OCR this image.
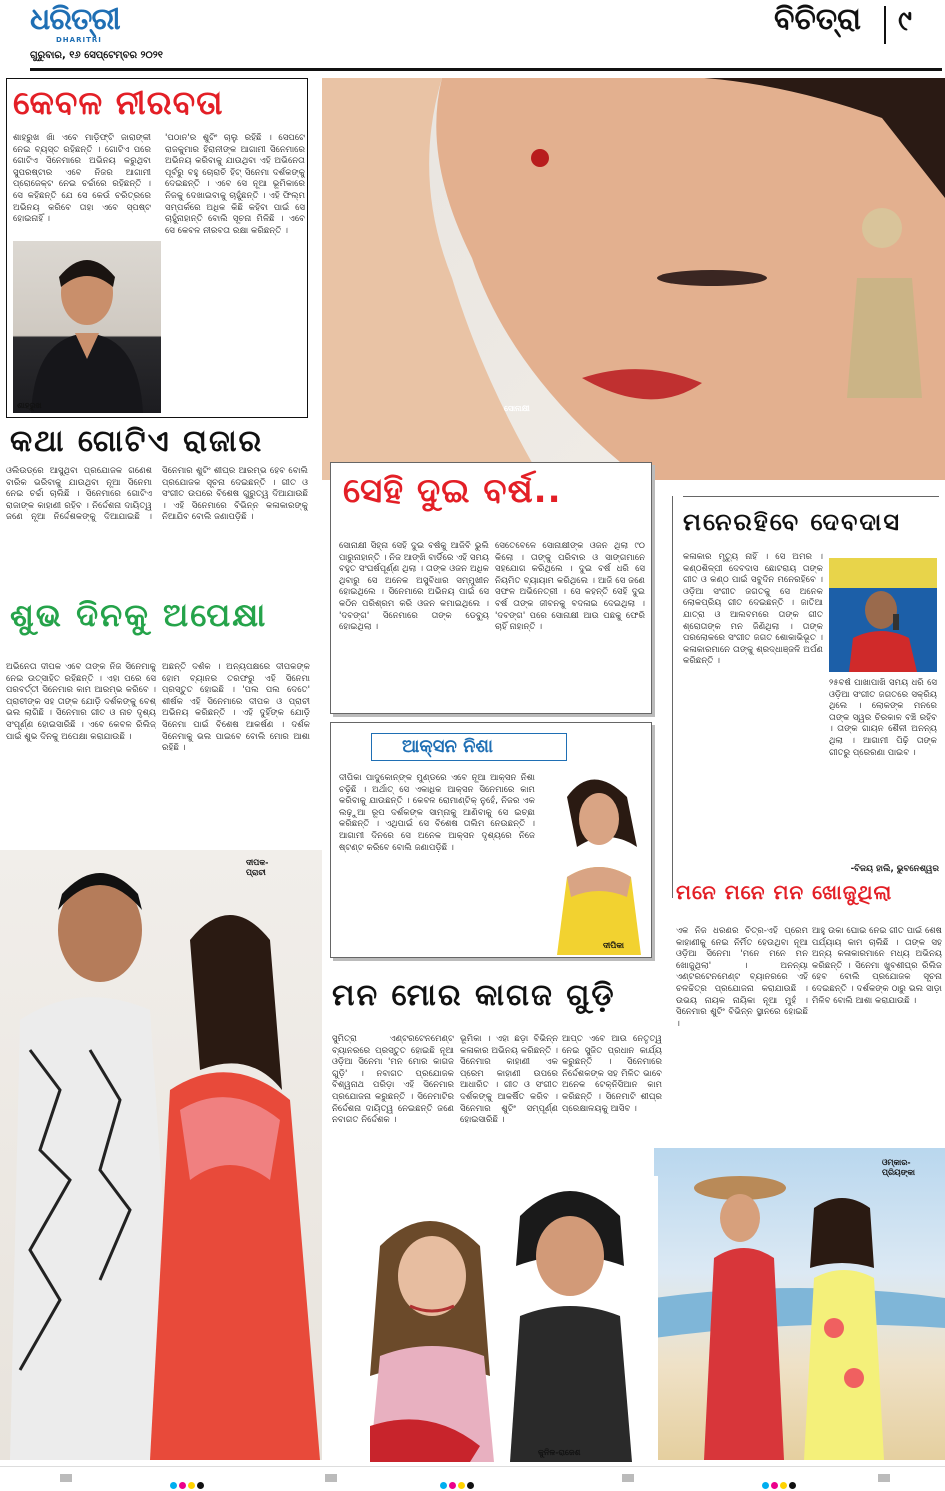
ଧରିତ୍ରୀ
DHARITRI
ଗୁରୁବାର, ୧୬ ସେପ୍ଟେମ୍ବର ୨୦୨୧
ବିଚିତ୍ରା ୯
କେବଳ ନୀରବତା
ଶାହରୁଖ ଖାଁ ଏବେ ମାଡ଼ିଫ୍ଟି ଜାରାଙ୍କୀ ନେଇ ବ୍ୟସ୍ତ ରହିଛନ୍ତି । ଗୋଟିଏ ପରେ ଗୋଟିଏ ସିନେମାରେ ଅଭିନୟ କରୁଥିବା ସୁପରଷ୍ଟାର ଏବେ ନିଜର ଆଗାମୀ ପ୍ରୋଜେକ୍ଟ ନେଇ ଚର୍ଚ୍ଚାରେ ରହିଛନ୍ତି । ସେ କହିଛନ୍ତି ଯେ ସେ କେଉଁ ଚରିତ୍ରରେ ଅଭିନୟ କରିବେ ତାହା ଏବେ ସ୍ପଷ୍ଟ ହୋଇନାହିଁ ।
'ପଠାନ'ର ଶୁଟିଂ ଚାଲୁ ରହିଛି । ସେପଟେ ରାଜକୁମାର ହିରାନୀଙ୍କ ଆଗାମୀ ସିନେମାରେ ଅଭିନୟ କରିବାକୁ ଯାଉଥିବା ଏହି ଅଭିନେତା ପୂର୍ବରୁ ବହୁ ଚୋରାଚି ହିଟ୍ ସିନେମା ଦର୍ଶକଙ୍କୁ ଦେଇଛନ୍ତି । ଏବେ ସେ ନୂଆ ଭୂମିକାରେ ନିଜକୁ ଦେଖାଇବାକୁ ଚାହୁଁଛନ୍ତି । ଏହି ଫିଲ୍ମ ସମ୍ପର୍କରେ ଅଧିକ କିଛି କହିବା ପାଇଁ ସେ ଚାହୁଁନାହାନ୍ତି ବୋଲି ସୂଚନା ମିଳିଛି । ଏବେ ସେ କେବଳ ନୀରବତା ରକ୍ଷା କରିଛନ୍ତି ।
ଶାହରୁଖ
କଥା ଗୋଟିଏ ରାଜାର
ଓଲିଉଡ୍‌ରେ ଆସୁଥିବା ପ୍ରଯୋଜକ ଗଣେଶ ବାରିକ ଭରିବାକୁ ଯାଉଥିବା ନୂଆ ସିନେମା ନେଇ ଚର୍ଚ୍ଚା ଚାଲିଛି । ସିନେମାରେ ଗୋଟିଏ ରାଜାଙ୍କ କାହାଣୀ ରହିବ । ନିର୍ଦ୍ଦେଶନା ଦାୟିତ୍ୱ ଜଣେ ନୂଆ ନିର୍ଦ୍ଦେଶକଙ୍କୁ ଦିଆଯାଇଛି । ସିନେମାର ଶୁଟିଂ ଶୀଘ୍ର ଆରମ୍ଭ ହେବ ବୋଲି ପ୍ରଯୋଜକ ସୂଚନା ଦେଇଛନ୍ତି । ଗୀତ ଓ ସଂଗୀତ ଉପରେ ବିଶେଷ ଗୁରୁତ୍ୱ ଦିଆଯାଉଛି । ଏହି ସିନେମାରେ ବିଭିନ୍ନ କଳାକାରଙ୍କୁ ନିଆଯିବ ବୋଲି ଜଣାପଡ଼ିଛି ।
ଶୁଭ ଦିନକୁ ଅପେକ୍ଷା
ଅଭିନେତା ଦୀପକ ଏବେ ତାଙ୍କ ନିଜ ସିନେମାକୁ ନେଇ ଉତ୍ସାହିତ ରହିଛନ୍ତି । ଏହା ପରେ ସେ ପରବର୍ତ୍ତୀ ସିନେମାର କାମ ଆରମ୍ଭ କରିବେ । ପ୍ରାଚୀଙ୍କ ସହ ତାଙ୍କ ଯୋଡ଼ି ଦର୍ଶକଙ୍କୁ ବେଶ୍ ଭଲ ଲାଗିଛି । ସିନେମାର ଗୀତ ଓ ନାଚ ଦୃଶ୍ୟ ସଂପୂର୍ଣ୍ଣ ହୋଇସାରିଛି । ଏବେ କେବଳ ରିଲିଜ୍ ପାଇଁ ଶୁଭ ଦିନକୁ ଅପେକ୍ଷା କରାଯାଉଛି ।
ଅଛନ୍ତି ଦର୍ଶକ । ଅନ୍ୟପକ୍ଷରେ ଦୀପକଙ୍କ ହୋମ ବ୍ୟାନର ତରଫରୁ ଏହି ସିନେମା ପ୍ରସ୍ତୁତ ହୋଇଛି । 'ପଲ ପଲ ଦେତେ' ଶୀର୍ଷକ ଏହି ସିନେମାରେ ଦୀପକ ଓ ପ୍ରାଚୀ ଅଭିନୟ କରିଛନ୍ତି । ଏହି ଦୁହିଁଙ୍କ ଯୋଡ଼ି ସିନେମା ପାଇଁ ବିଶେଷ ଆକର୍ଷଣ । ଦର୍ଶକ ସିନେମାକୁ ଭଲ ପାଇବେ ବୋଲି ମୋର ଆଶା ରହିଛି ।
ଦୀପକ-ପ୍ରାଚୀ
ସୋନାକ୍ଷୀ
ସେହି ଦୁଇ ବର୍ଷ..
ସୋନାକ୍ଷୀ ସିହ୍ନା ସେହି ଦୁଇ ବର୍ଷକୁ ଆଜିବି ଭୁଲି ପାରୁନାହାନ୍ତି । ନିଜ ଆଙ୍ଖି ବାର୍ଡିରେ ଏହି ସମୟ ବହୁତ ସଂଘର୍ଷପୂର୍ଣ୍ଣ ଥିଲା । ତାଙ୍କ ଓଜନ ଅଧିକ ଥିବାରୁ ସେ ଅନେକ ଅସୁବିଧାର ସମ୍ମୁଖୀନ ହୋଇଥିଲେ । ସିନେମାରେ ଅଭିନୟ ପାଇଁ ସେ କଠିନ ପରିଶ୍ରମ କରି ଓଜନ କମାଇଥିଲେ । 'ଦବଙ୍ଗ' ସିନେମାରେ ତାଙ୍କ ଡେବ୍ୟୁ ହୋଇଥିଲା ।
ସେତେବେଳେ ସୋନାକ୍ଷୀଙ୍କ ଓଜନ ଥିଲା ୯୦ କିଲୋ । ତାଙ୍କୁ ପରିବାର ଓ ସାଙ୍ଗମାନେ ସହଯୋଗ କରିଥିଲେ । ଦୁଇ ବର୍ଷ ଧରି ସେ ନିୟମିତ ବ୍ୟାୟାମ କରିଥିଲେ । ଆଜି ସେ ଜଣେ ସଫଳ ଅଭିନେତ୍ରୀ । ସେ କହନ୍ତି ସେହି ଦୁଇ ବର୍ଷ ତାଙ୍କ ଜୀବନକୁ ବଦଳାଇ ଦେଇଥିଲା । 'ଦବଙ୍ଗ' ପରେ ସୋନାକ୍ଷୀ ଆଉ ପଛକୁ ଫେରି ଚାହିଁ ନାହାନ୍ତି ।
ଆକ୍ସନ ନିଶା
ଦୀପିକା ପାଦୁକୋନ୍‌ଙ୍କ ମୁଣ୍ଡରେ ଏବେ ନୂଆ ଆକ୍ସନ ନିଶା ଚଢ଼ିଛି । ଅର୍ଥାତ୍ ସେ ଏକାଧିକ ଆକ୍ସନ ସିନେମାରେ କାମ କରିବାକୁ ଯାଉଛନ୍ତି । କେବଳ ରୋମାଣ୍ଟିକ୍ ନୁହେଁ, ନିଜର ଏକ ଲଢ଼ୁଆ ରୂପ ଦର୍ଶକଙ୍କ ସାମ୍ନାକୁ ଆଣିବାକୁ ସେ ଇଚ୍ଛା କରିଛନ୍ତି । ଏଥିପାଇଁ ସେ ବିଶେଷ ତାଲିମ ନେଉଛନ୍ତି । ଆଗାମୀ ଦିନରେ ସେ ଅନେକ ଆକ୍ସନ ଦୃଶ୍ୟରେ ନିଜେ ଷ୍ଟଣ୍ଟ କରିବେ ବୋଲି ଜଣାପଡ଼ିଛି ।
ଦୀପିକା
ମନେରହିବେ ଦେବଦାସ
କଳାକାର ମୃତ୍ୟୁ ନାହିଁ । ସେ ଅମର । କଣ୍ଠଶିଳ୍ପୀ ଦେବଦାସ ଛୋଟରାୟ ତାଙ୍କ ଗୀତ ଓ କଣ୍ଠ ପାଇଁ ସବୁଦିନ ମନେରହିବେ । ଓଡ଼ିଆ ସଂଗୀତ ଜଗତକୁ ସେ ଅନେକ ଲୋକପ୍ରିୟ ଗୀତ ଦେଇଛନ୍ତି । ଜାତିଆ ଯାତ୍ରା ଓ ଆଲବମରେ ତାଙ୍କ ଗୀତ ଶ୍ରୋତାଙ୍କ ମନ ଜିଣିଥିଲା । ତାଙ୍କ ପରଲୋକରେ ସଂଗୀତ ଜଗତ ଶୋକାଭିଭୂତ । କଳାକାରମାନେ ତାଙ୍କୁ ଶ୍ରଦ୍ଧାଞ୍ଜଳି ଅର୍ପଣ କରିଛନ୍ତି ।
୨୫ବର୍ଷ ପାଖାପାଖି ସମୟ ଧରି ସେ ଓଡ଼ିଆ ସଂଗୀତ ଜଗତରେ ସକ୍ରିୟ ଥିଲେ । ଲୋକଙ୍କ ମନରେ ତାଙ୍କ ସ୍ୱର ଚିରକାଳ ବଞ୍ଚି ରହିବ । ତାଙ୍କ ଗାୟନ ଶୈଳୀ ଅନନ୍ୟ ଥିଲା । ଆଗାମୀ ପିଢ଼ି ତାଙ୍କ ଗୀତରୁ ପ୍ରେରଣା ପାଇବ ।
-ବିଜୟ ହାଲି, ଭୁବନେଶ୍ୱର
ମନେ ମନେ ମନ ଖୋଜୁଥିଲା
ଏକ ନିଜ ଧରଣର ଚିତ୍ର-ଏହି ପ୍ରେମ କାହାଣୀକୁ ନେଇ ନିର୍ମିତ ହେଉଥିବା ନୂଆ ଓଡ଼ିଆ ସିନେମା 'ମନେ ମନେ ମନ ଖୋଜୁଥିଲା' । ଅନନ୍ୟା ଏଣ୍ଟରଟେନମେଣ୍ଟ ବ୍ୟାନରରେ ଏହି ଚଳଚ୍ଚିତ୍ର ପ୍ରଯୋଜନା କରାଯାଉଛି । ଉଭୟ ନାୟକ ନାୟିକା ନୂଆ ମୁହଁ । ସିନେମାର ଶୁଟିଂ ବିଭିନ୍ନ ସ୍ଥାନରେ ହୋଇଛି ।
ଆହୁ ଉକା ଘୋଇ ନେଇ ଗୀତ ପାଇଁ ଶେଷ ପର୍ଯ୍ୟାୟ କାମ ଚାଲିଛି । ତାଙ୍କ ସହ ଅନ୍ୟ କଳାକାରମାନେ ମଧ୍ୟ ଅଭିନୟ କରିଛନ୍ତି । ସିନେମା ଖୁବଶୀଘ୍ର ରିଲିଜ ହେବ ବୋଲି ପ୍ରଯୋଜକ ସୂଚନା ଦେଇଛନ୍ତି । ଦର୍ଶକଙ୍କ ଠାରୁ ଭଲ ସାଡ଼ା ମିଳିବ ବୋଲି ଆଶା କରାଯାଉଛି ।
ଓମ୍‌କାର-ପ୍ରିୟଙ୍କା
ମନ ମୋର କାଗଜ ଗୁଡ଼ି
ସୁମିତ୍ରା ଏଣ୍ଟରଟେନମେଣ୍ଟ ବ୍ୟାନରରେ ପ୍ରସ୍ତୁତ ହୋଇଛି ନୂଆ ଓଡ଼ିଆ ସିନେମା 'ମନ ମୋର କାଗଜ ଗୁଡ଼ି' । ନବାଗତ ପ୍ରଯୋଜକ ବିଶ୍ୱନାଥ ପରିଡ଼ା ଏହି ସିନେମାର ପ୍ରଯୋଜନା କରୁଛନ୍ତି । ସିନେମାଟିର ନିର୍ଦ୍ଦେଶନା ଦାୟିତ୍ୱ ନେଇଛନ୍ତି ଜଣେ ନବାଗତ ନିର୍ଦ୍ଦେଶକ ।
ଭୂମିକା । ଏହା ଛଡ଼ା ବିଭିନ୍ନ କଳାକାର ଅଭିନୟ କରିଛନ୍ତି । ସିନେମାର କାହାଣୀ ଏକ ପ୍ରେମ କାହାଣୀ ଉପରେ ଆଧାରିତ । ଗୀତ ଓ ସଂଗୀତ ଦର୍ଶକଙ୍କୁ ଆକର୍ଷିତ କରିବ । ସିନେମାର ଶୁଟିଂ ସମ୍ପୂର୍ଣ୍ଣ ହୋଇସାରିଛି ।
ଆପ୍ତ ଏବେ ଆଉ ନେତୃତ୍ୱ ନେଇ ସୁଜିତ ପ୍ରଧାନ କାର୍ଯ୍ୟ କରୁଛନ୍ତି । ସିନେମାରେ ନିର୍ଦ୍ଦେଶକଙ୍କ ସହ ମିଳିତ ଭାବେ ଅନେକ ଟେକ୍ନିସିଆନ କାମ କରିଛନ୍ତି । ସିନେମାଟି ଶୀଘ୍ର ପ୍ରେକ୍ଷାଳୟକୁ ଆସିବ ।
କୁନିଳ-ରାଜେଶ
